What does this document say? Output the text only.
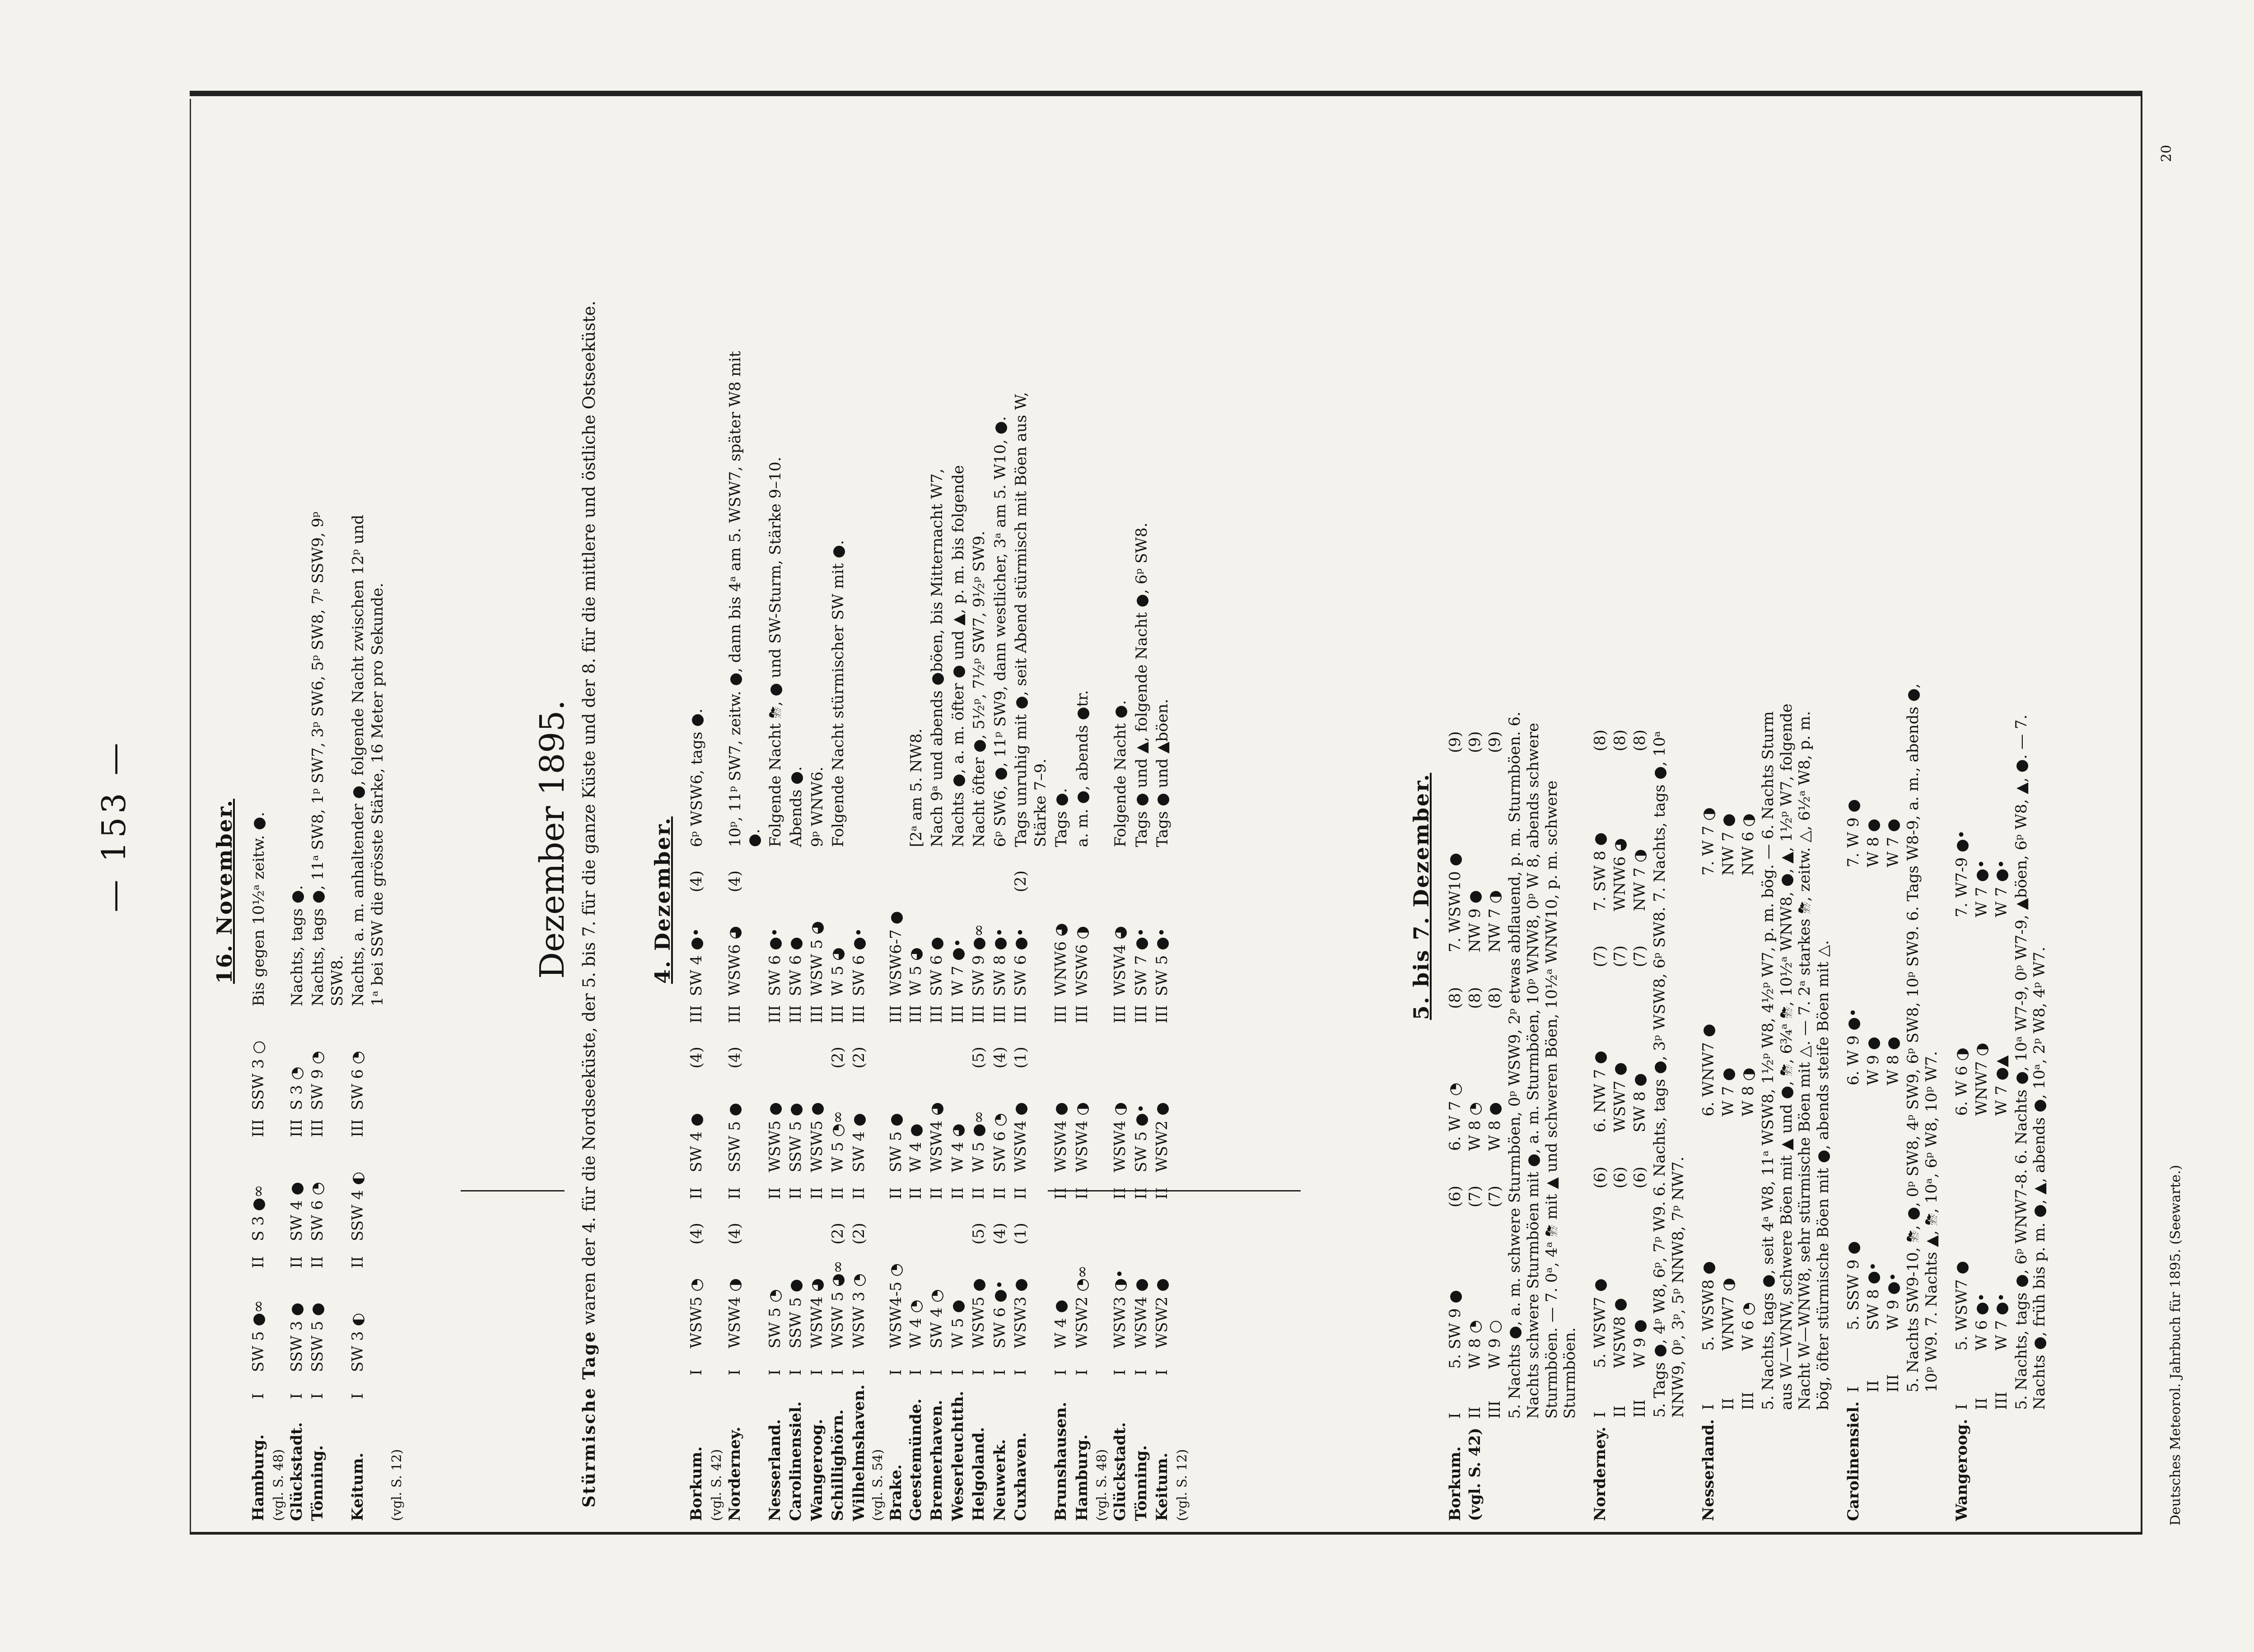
— 153 —	16. November.
Hamburg.	I	SW 5 ●∞	II	S 3 ●∞	III	SSW 3 ○	Bis gegen 10½ᵃ zeitw. ●.
(vgl. S. 48)							
Glückstadt.	I	SSW 3 ●	II	SW 4 ●	III	S 3 ◔	Nachts, tags ●.
Tönning.	I	SSW 5 ●	II	SW 6 ◔	III	SW 9 ◔	Nachts, tags ●, 11ᵃ SW8, 1ᵖ SW7, 3ᵖ SW6, 5ᵖ SW8, 7ᵖ SSW9, 9ᵖ SSW8.
Keitum.	I	SW 3 ◐	II	SSW 4 ◐	III	SW 6 ◔	Nachts, a. m. anhaltender ●, folgende Nacht zwischen 12ᵖ und 1ᵃ bei SSW die grösste Stärke, 16 Meter pro Sekunde.
(vgl. S. 12)							
Dezember 1895.
Stürmische Tage waren der 4. für die Nordseeküste, der 5. bis 7. für die ganze Küste und der 8. für die mittlere und östliche Ostseeküste. 4. Dezember.
Borkum.	I	WSW5 ◔	(4)	II	SW 4 ●	(4)	III	SW 4 ●•	(4)	6ᵖ WSW6, tags ●.
(vgl. S. 42)										
Norderney.	I	WSW4 ◑	(4)	II	SSW 5 ●	(4)	III	WSW6 ◕	(4)	10ᵖ, 11ᵖ SW7, zeitw. ●, dann bis 4ᵃ am 5. WSW7, später W8 mit ●.
Nesserland.	I	SW 5 ◔		II	WSW5 ●		III	SW 6 ●•		Folgende Nacht ⛈, ● und SW-Sturm, Stärke 9–10.
Carolinensiel.	I	SSW 5 ●		II	SSW 5 ●		III	SW 6 ●		Abends ●.
Wangeroog.	I	WSW4 ◕		II	WSW5 ●		III	WSW 5 ◕		9ᵖ WNW6.
Schillighörn.	I	WSW 5 ◕∞	(2)	II	W 5 ◔∞	(2)	III	W 5 ◕		Folgende Nacht stürmischer SW mit ●.
Wilhelmshaven.	I	WSW 3 ◔	(2)	II	SW 4 ●	(2)	III	SW 6 ●•		
(vgl. S. 54)										
Brake.	I	WSW4-5 ◔		II	SW 5 ●		III	WSW6-7 ●		
Geestemünde.	I	W 4 ◔		II	W 4 ●		III	W 5 ◕		[2ᵃ am 5. NW8.
Bremerhaven.	I	SW 4 ◔		II	WSW4 ◕		III	SW 6 ●		Nach 9ᵃ und abends ●böen, bis Mitternacht W7,
Weserleuchtth.	I	W 5 ●		II	W 4 ◕		III	W 7 ●•		Nachts ●, a. m. öfter ● und ▲, p. m. bis folgende
Helgoland.	I	WSW5 ●	(5)	II	W 5 ●∞	(5)	III	SW 9 ●∞		Nacht öfter ●, 5½ᵖ, 7½ᵖ SW7, 9½ᵖ SW9.
Neuwerk.	I	SW 6 ●•	(4)	II	SW 6 ◔	(4)	III	SW 8 ●•		6ᵖ SW6, ●, 11ᵖ SW9, dann westlicher, 3ᵃ am 5. W10, ●.
Cuxhaven.	I	WSW3 ●	(1)	II	WSW4 ●	(1)	III	SW 6 ●•	(2)	Tags unruhig mit ●, seit Abend stürmisch mit Böen aus W, Stärke 7–9.
Brunshausen.	I	W 4 ●		II	WSW4 ●		III	WNW6 ◕		Tags ●.
Hamburg.	I	WSW2 ◔∞		II	WSW4 ◑		III	WSW6 ◑		a. m. ●, abends ●tr.
(vgl. S. 48)										
Glückstadt.	I	WSW3 ◑•		II	WSW4 ◑		III	WSW4 ◕		Folgende Nacht ●.
Tönning.	I	WSW4 ●		II	SW 5 ●•		III	SW 7 ●•		Tags ● und ▲, folgende Nacht ●, 6ᵖ SW8.
Keitum.	I	WSW2 ●		II	WSW2 ●		III	SW 5 ●•		Tags ● und ▲böen.
(vgl. S. 12)										
5. bis 7. Dezember.
Borkum.	I	5. SW 9 ●	(6)	6. W 7 ◔	(8)	7. WSW10 ●	(9)
(vgl. S. 42)	II	W 8 ◔	(7)	W 8 ◔	(8)	NW 9 ●	(9)
	III	W 9 ○	(7)	W 8 ●	(8)	NW 7 ◑	(9)
	5. Nachts ●, a. m. schwere Sturmböen, 0ᵖ WSW9, 2ᵖ etwas abflauend, p. m. Sturmböen. 6. Nachts schwere Sturmböen mit ●, a. m. Sturmböen, 10ᵖ WNW8, 0ᵖ W 8, abends schwere Sturmböen. — 7. 0ᵃ, 4ᵃ ⛈ mit ▲ und schweren Böen, 10½ᵃ WNW10, p. m. schwere Sturmböen.						
Norderney.	I	5. WSW7 ●	(6)	6. NW 7 ●	(7)	7. SW 8 ●	(8)
	II	WSW8 ●	(6)	WSW7 ●	(7)	WNW6 ◕	(8)
	III	W 9 ●	(6)	SW 8 ●	(7)	NW 7 ◑	(8)
	5. Tags ●, 4ᵖ W8, 6ᵖ, 7ᵖ W9. 6. Nachts, tags ●, 3ᵖ WSW8, 6ᵖ SW8. 7. Nachts, tags ●, 10ᵃ NNW9, 0ᵖ, 3ᵖ, 5ᵖ NNW8, 7ᵖ NW7.						
Nesserland.	I	5. WSW8 ●		6. WNW7 ●		7. W 7 ◑	
	II	WNW7 ◑		W 7 ●		NW 7 ●	
	III	W 6 ◔		W 8 ◑		NW 6 ◑	
	5. Nachts, tags ●, seit 4ᵃ W8, 11ᵃ WSW8, 1½ᵖ W8, 4½ᵖ W7, p. m. bög. — 6. Nachts Sturm aus W—WNW, schwere Böen mit ▲ und ●, ⛈, 6¾ᵃ ⛈, 10½ᵃ WNW8, ●, ▲, 1½ᵖ W7, folgende Nacht W—WNW8, sehr stürmische Böen mit △. — 7. 2ᵃ starkes ⛈, zeitw. △, 6½ᵃ W8, p. m. bög, öfter stürmische Böen mit ●, abends steife Böen mit △.						
Carolinensiel.	I	5. SSW 9 ●		6. W 9 ●•		7. W 9 ●	
	II	SW 8 ●•		W 9 ●		W 8 ●	
	III	W 9 ●•		W 8 ●		W 7 ●	
	5. Nachts SW9-10, ⛈, ●, 0ᵖ SW8, 4ᵖ SW9, 6ᵖ SW8, 10ᵖ SW9. 6. Tags W8-9, a. m., abends ●, 10ᵖ W9. 7. Nachts ▲, ⛈, 10ᵃ, 6ᵖ W8, 10ᵖ W7.						
Wangeroog.	I	5. WSW7 ●		6. W 6 ◑		7. W7-9 ●•	
	II	W 6 ●•		WNW7 ◑		W 7 ●•	
	III	W 7 ●•		W 7 ●▲		W 7 ●•	
	5. Nachts, tags ●, 6ᵖ WNW7-8. 6. Nachts ●, 10ᵃ W7-9, 0ᵖ W7-9, ▲böen, 6ᵖ W8, ▲, ●. — 7. Nachts ●, früh bis p. m. ●, ▲, abends ●, 10ᵃ, 2ᵖ W8, 4ᵖ W7.							Deutsches Meteorol. Jahrbuch für 1895. (Seewarte.)
20
